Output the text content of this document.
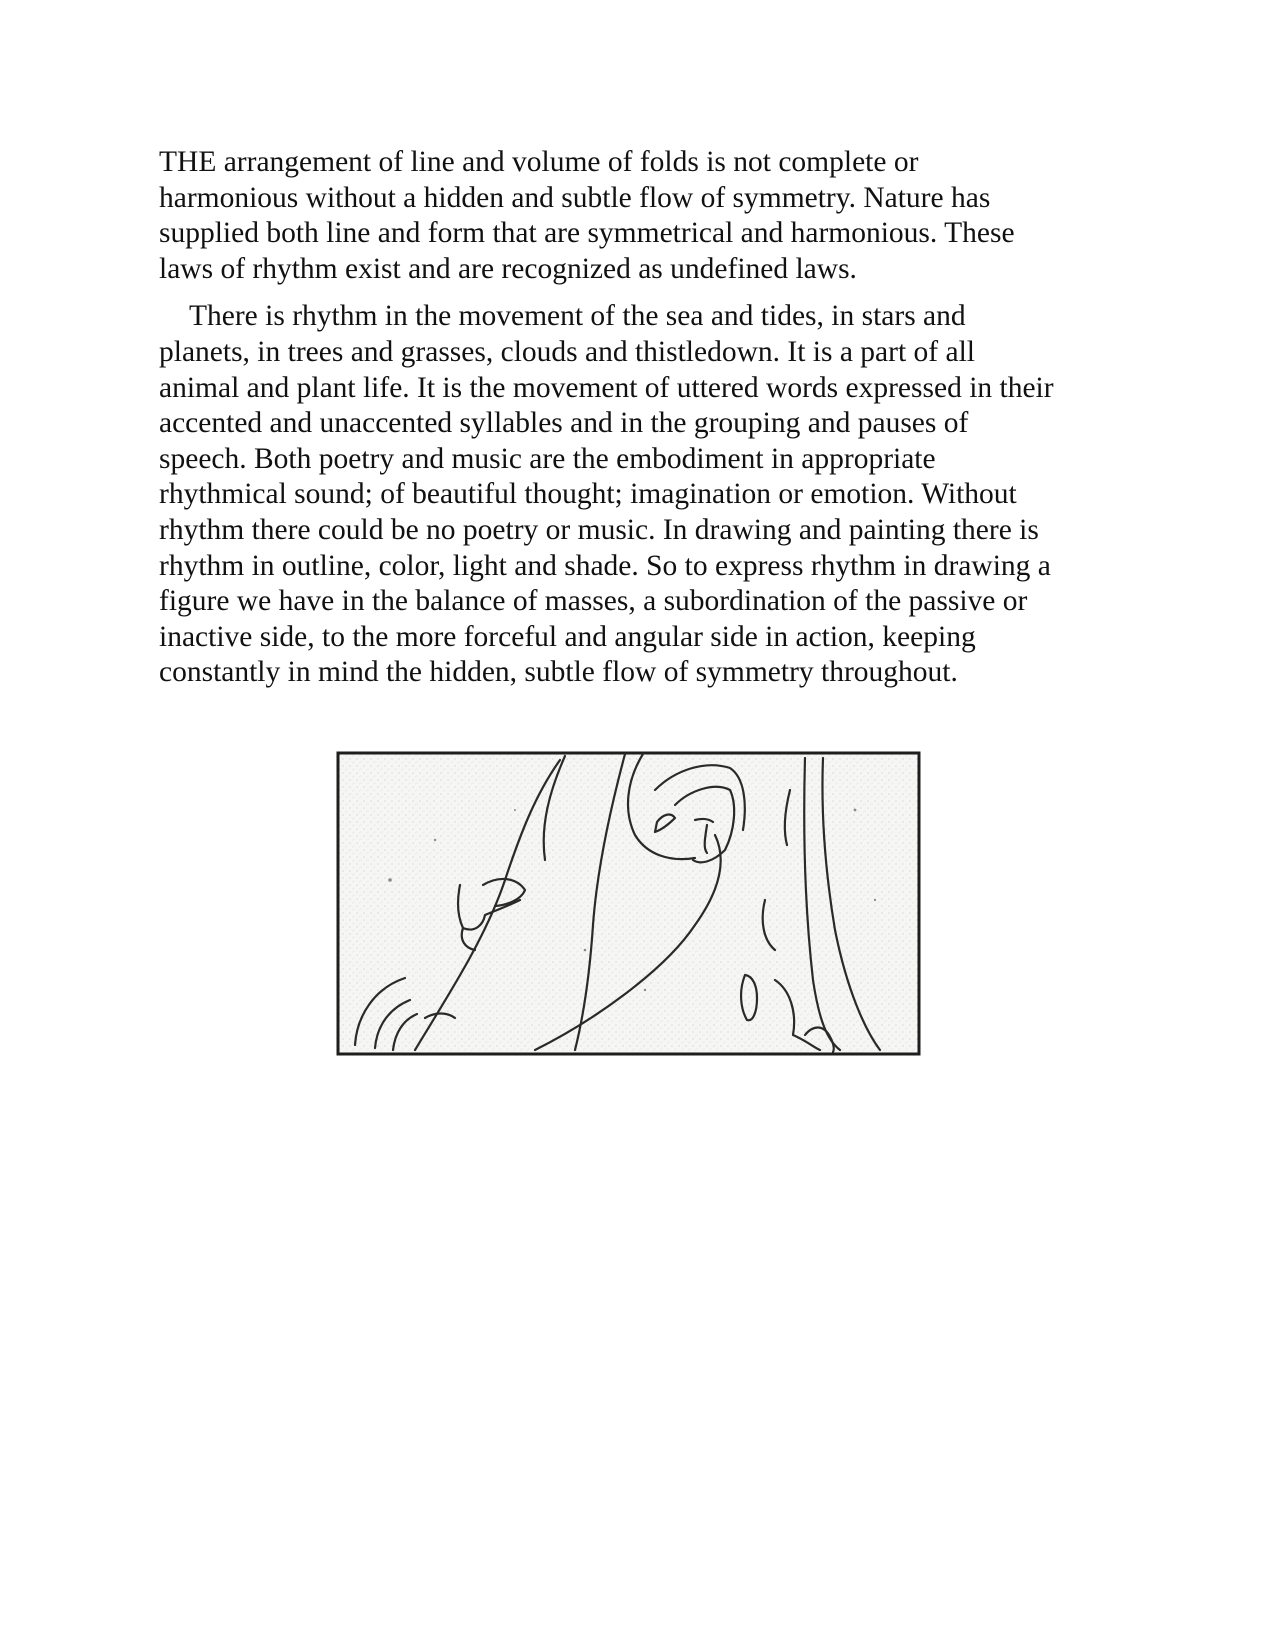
THE arrangement of line and volume of folds is not complete or
harmonious without a hidden and subtle flow of symmetry. Nature has
supplied both line and form that are symmetrical and harmonious. These
laws of rhythm exist and are recognized as undefined laws.

There is rhythm in the movement of the sea and tides, in stars and
planets, in trees and grasses, clouds and thistledown. It is a part of all
animal and plant life. It is the movement of uttered words expressed in their
accented and unaccented syllables and in the grouping and pauses of
speech. Both poetry and music are the embodiment in appropriate
rhythmical sound; of beautiful thought; imagination or emotion. Without
rhythm there could be no poetry or music. In drawing and painting there is
rhythm in outline, color, light and shade. So to express rhythm in drawing a
figure we have in the balance of masses, a subordination of the passive or
inactive side, to the more forceful and angular side in action, keeping
constantly in mind the hidden, subtle flow of symmetry throughout.
